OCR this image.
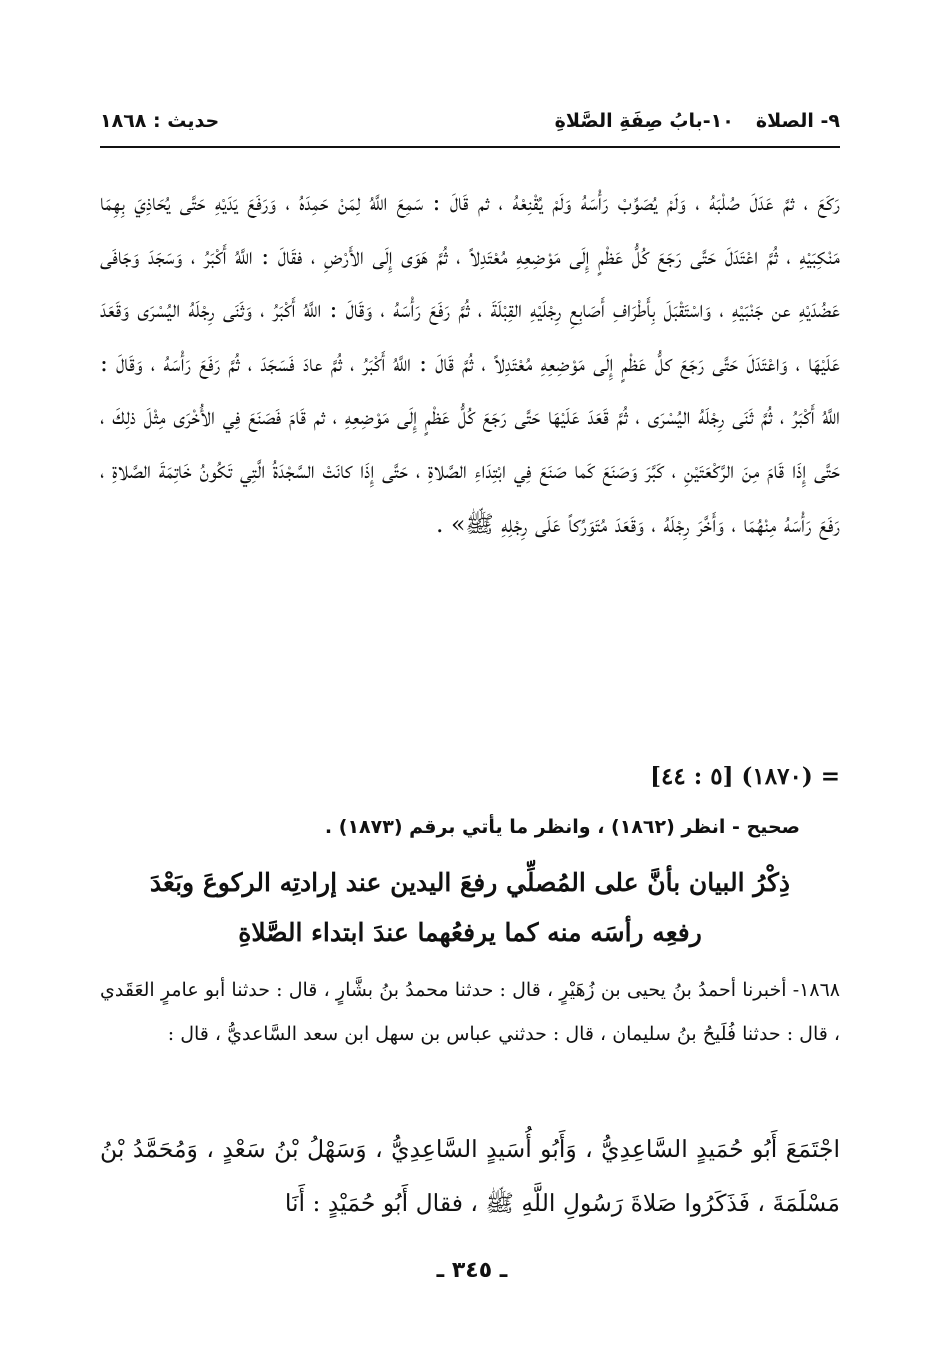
٩- الصلاة
١٠-بابُ صِفَةِ الصَّلاةِ
حديث : ١٨٦٨
رَكَعَ ، ثمَّ عَدَلَ صُلْبَهُ ، وَلَمْ يُصَوِّبْ رَأْسَهُ وَلَمْ يُقْنِعْهُ ، ثم قَالَ : سَمِعَ اللَّهُ لِمَنْ حَمِدَهُ ، وَرَفَعَ يَدَيْهِ حَتَّى يُحَاذِيَ بِهِمَا مَنْكِبَيْهِ ، ثُمَّ اعْتَدَلَ حَتَّى رَجَعَ كُلُّ عَظْمٍ إِلَى مَوْضِعِهِ مُعْتَدِلاً ، ثُمَّ هَوَى إِلَى الأَرْضِ ، فقَالَ : اللَّهُ أَكْبَرُ ، وَسَجَدَ وَجَافَى عَضُدَيْهِ عن جَنْبَيْهِ ، وَاسْتَقْبَلَ بِأَطْرَافِ أَصَابِعِ رِجْلَيْهِ القِبْلَةَ ، ثُمَّ رَفَعَ رَأْسَهُ ، وَقَالَ : اللَّهُ أَكْبَرُ ، وَثَنَى رِجْلَهُ اليُسْرَى وَقَعَدَ عَلَيْهَا ، وَاعْتَدَلَ حَتَّى رَجَعَ كلُّ عَظْمٍ إِلَى مَوْضِعِهِ مُعْتَدِلاً ، ثُمَّ قَالَ : اللَّهُ أَكْبَرُ ، ثُمَّ عادَ فَسَجَدَ ، ثُمَّ رَفَعَ رَأْسَهُ ، وَقَالَ : اللَّهُ أَكْبَرُ ، ثُمَّ ثَنَى رِجْلَهُ اليُسْرَى ، ثُمَّ قَعَدَ عَلَيْهَا حَتَّى رَجَعَ كُلُّ عَظْمٍ إِلَى مَوْضِعِهِ ، ثم قَامَ فَصَنَعَ فِي الأُخْرَى مِثْلَ ذلِكَ ، حَتَّى إِذَا قَامَ مِنَ الرَّكْعَتَيْنِ ، كَبَّرَ وَصَنَعَ كَما صَنَعَ فِي ابْتِدَاءِ الصَّلاةِ ، حَتَّى إِذَا كانَتْ السَّجْدَةُ الَّتِي تَكُونُ خَاتِمَةَ الصَّلاةِ ، رَفَعَ رَأْسَهُ مِنْهُمَا ، وَأَخَّرَ رِجْلَهُ ، وَقَعَدَ مُتَوَرِّكاً عَلَى رِجْلِهِ ﷺ» .
= (١٨٧٠) [٥ : ٤٤]
صحيح - انظر (١٨٦٢) ، وانظر ما يأتي برقم (١٨٧٣) .
ذِكْرُ البيان بأنَّ على المُصلِّي رفعَ اليدين عند إرادتِه الركوعَ وبَعْدَ
رفعِه رأسَه منه كما يرفعُهما عندَ ابتداء الصَّلاةِ
١٨٦٨- أخبرنا أحمدُ بنُ يحيى بن زُهَيْرٍ ، قال : حدثنا محمدُ بنُ بشَّارٍ ، قال : حدثنا أبو عامرٍ العَقَدي ، قال : حدثنا فُلَيحُ بنُ سليمان ، قال : حدثني عباس بن سهل ابن سعد السَّاعديُّ ، قال :
اجْتَمَعَ أَبُو حُمَيدٍ السَّاعِدِيُّ ، وَأَبُو أُسَيدٍ السَّاعِدِيُّ ، وَسَهْلُ بْنُ سَعْدٍ ، وَمُحَمَّدُ بْنُ مَسْلَمَةَ ، فَذَكَرُوا صَلاةَ رَسُولِ اللَّهِ ﷺ ، فقال أَبُو حُمَيْدٍ : أَنَا
ـ ٣٤٥ ـ
